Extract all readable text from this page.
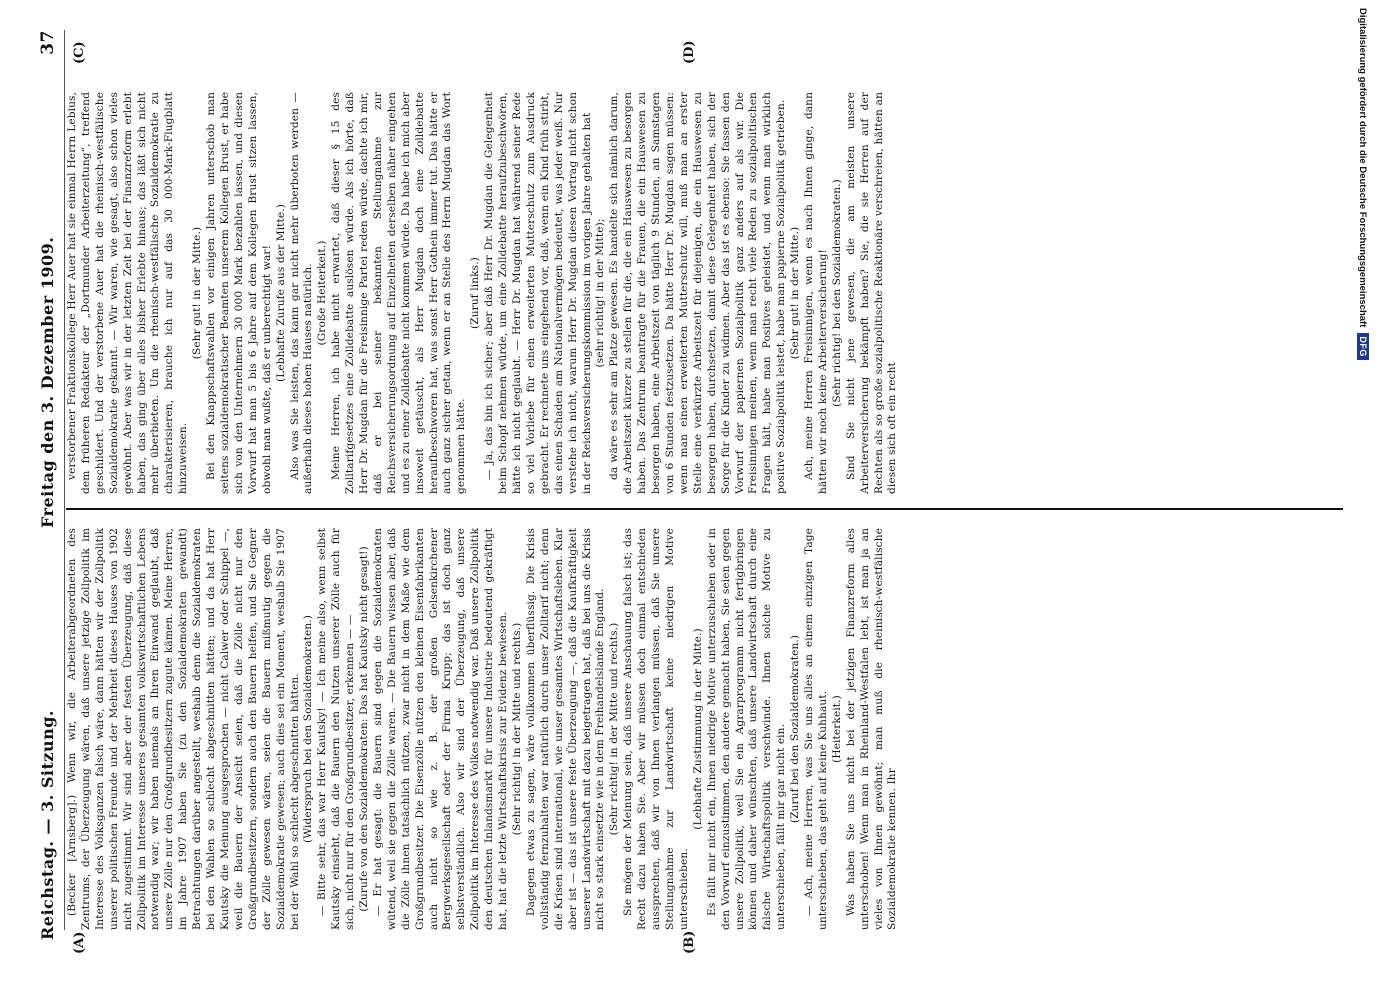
Reichstag. — 3. Sitzung.
Freitag den 3. Dezember 1909.
37
(A)	(B)
(C)	(D)

(Becker [Arnsberg].) Wenn wir, die Arbeiterabgeordneten des Zentrums, der Überzeugung wären, daß unsere jetzige Zollpolitik im Interesse des Volksganzen falsch wäre, dann hätten wir der Zollpolitik unserer politischen Freunde und der Mehrheit dieses Hauses von 1902 nicht zugestimmt. Wir sind aber der festen Überzeugung, daß diese Zollpolitik im Interesse unseres gesamten volkswirtschaftlichen Lebens notwendig war; wir haben niemals an Ihren Einwand geglaubt, daß unsere Zölle nur den Großgrundbesitzern zugute kämen. Meine Herren, im Jahre 1907 haben Sie (zu den Sozialdemokraten gewandt) Betrachtungen darüber angestellt, weshalb denn die Sozialdemokraten bei den Wahlen so schlecht abgeschnitten hätten; und da hat Herr Kautsky die Meinung ausgesprochen — nicht Calwer oder Schippel —, weil die Bauern der Ansicht seien, daß die Zölle nicht nur den Großgrundbesitzern, sondern auch den Bauern helfen, und Sie Gegner der Zölle gewesen wären, seien die Bauern mißmutig gegen die Sozialdemokratie gewesen; auch dies sei ein Moment, weshalb Sie 1907 bei der Wahl so schlecht abgeschnitten hätten. (Widerspruch bei den Sozialdemokraten.) — Bitte sehr, das war Herr Kautsky! — Ich meine also, wenn selbst Kautsky einsieht, daß die Bauern den Nutzen unserer Zölle auch für sich, nicht nur für den Großgrundbesitzer, erkennen — — (Zurufe von den Sozialdemokraten: Das hat Kautsky nicht gesagt!) — Er hat gesagt: die Bauern sind gegen die Sozialdemokraten wütend, weil sie gegen die Zölle waren. — Die Bauern wissen aber, daß die Zölle ihnen tatsächlich nützen, zwar nicht in dem Maße wie dem Großgrundbesitzer. Die Eisenzölle nützen den kleinen Eisenfabrikanten auch nicht so wie z. B. der großen Gelsenkirchener Bergwerksgesellschaft oder der Firma Krupp; das ist doch ganz selbstverständlich. Also wir sind der Überzeugung, daß unsere Zollpolitik im Interesse des Volkes notwendig war. Daß unsere Zollpolitik den deutschen Inlandsmarkt für unsere Industrie bedeutend gekräftigt hat, hat die letzte Wirtschaftskrisis zur Evidenz bewiesen. (Sehr richtig! in der Mitte und rechts.) Dagegen etwas zu sagen, wäre vollkommen überflüssig. Die Krisis vollständig fernzuhalten war natürlich durch unser Zolltarif nicht; denn die Krisen sind international, wie unser gesamtes Wirtschaftsleben. Klar aber ist — das ist unsere feste Überzeugung —, daß die Kaufkräftigkeit unserer Landwirtschaft mit dazu beigetragen hat, daß bei uns die Krisis nicht so stark einsetzte wie in dem Freihandelslande England. (Sehr richtig! in der Mitte und rechts.) Sie mögen der Meinung sein, daß unsere Anschauung falsch ist; das Recht dazu haben Sie. Aber wir müssen doch einmal entschieden aussprechen, daß wir von Ihnen verlangen müssen, daß Sie unsere Stellungnahme zur Landwirtschaft keine niedrigen Motive unterschieben.

(Lebhafte Zustimmung in der Mitte.) Es fällt mir nicht ein, Ihnen niedrige Motive unterzuschieben oder in den Vorwurf einzustimmen, den andere gemacht haben, Sie seien gegen unsere Zollpolitik, weil Sie ein Agrarprogramm nicht fertigbringen können und daher wünschten, daß unsere Landwirtschaft durch eine falsche Wirtschaftspolitik verschwinde. Ihnen solche Motive zu unterschieben, fällt mir gar nicht ein. (Zuruf bei den Sozialdemokraten.) — Ach, meine Herren, was Sie uns alles an einem einzigen Tage unterschieben, das geht auf keine Kuhhaut. (Heiterkeit.) Was haben Sie uns nicht bei der jetzigen Finanzreform alles unterschoben! Wenn man in Rheinland-Westfalen lebt, ist man ja an vieles von Ihnen gewöhnt; man muß die rheinisch-westfälische Sozialdemokratie kennen. Ihr

verstorbener Fraktionskollege Herr Auer hat sie einmal Herrn Lebius, dem früheren Redakteur der „Dortmunder Arbeiterzeitung“, treffend geschildert. Und der verstorbene Auer hat die rheinisch-westfälische Sozialdemokratie gekannt. — Wir waren, wie gesagt, also schon vieles gewöhnt. Aber was wir in der letzten Zeit bei der Finanzreform erlebt haben, das ging über alles bisher Erlebte hinaus; das läßt sich nicht mehr überbieten. Um die rheinisch-westfälische Sozialdemokratie zu charakterisieren, brauche ich nur auf das 30 000-Mark-Flugblatt hinzuweisen.

(Sehr gut! in der Mitte.) Bei den Knappschaftswahlen vor einigen Jahren unterschob man seitens sozialdemokratischer Beamten unserem Kollegen Brust, er habe sich von den Unternehmern 30 000 Mark bezahlen lassen, und diesen Vorwurf hat man 5 bis 6 Jahre auf dem Kollegen Brust sitzen lassen, obwohl man wußte, daß er unberechtigt war! (Lebhafte Zurufe aus der Mitte.) Also was Sie leisten, das kann gar nicht mehr überboten werden — außerhalb dieses hohen Hauses natürlich. (Große Heiterkeit.) Meine Herren, ich habe nicht erwartet, daß dieser § 15 des Zolltarifgesetzes eine Zolldebatte auslösen würde. Als ich hörte, daß Herr Dr. Mugdan für die Freisinnige Partei reden würde, dachte ich mir, daß er bei seiner bekannten Stellungnahme zur Reichsversicherungsordnung auf Einzelheiten derselben näher eingehen und es zu einer Zolldebatte nicht kommen würde. Da habe ich mich aber insoweit getäuscht, als Herr Mugdan doch eine Zolldebatte heraufbeschworen hat, was sonst Herr Gothein immer tut. Das hätte er auch ganz sicher getan, wenn er an Stelle des Herrn Mugdan das Wort genommen hätte.

(Zuruf links.) — Ja, das bin ich sicher; aber daß Herr Dr. Mugdan die Gelegenheit beim Schopf nehmen würde, um eine Zolldebatte heraufzubeschwören, hätte ich nicht geglaubt. — Herr Dr. Mugdan hat während seiner Rede so viel Vorliebe für einen erweiterten Mutterschutz zum Ausdruck gebracht. Er rechnete uns eingehend vor, daß, wenn ein Kind früh stirbt, das einen Schaden am Nationalvermögen bedeutet, was jeder weiß. Nur verstehe ich nicht, warum Herr Dr. Mugdan diesen Vortrag nicht schon in der Reichsversicherungskommission im vorigen Jahre gehalten hat (sehr richtig! in der Mitte); da wäre es sehr am Platze gewesen. Es handelte sich nämlich darum, die Arbeitszeit kürzer zu stellen für die, die ein Hauswesen zu besorgen haben. Das Zentrum beantragte für die Frauen, die ein Hauswesen zu besorgen haben, eine Arbeitszeit von täglich 9 Stunden, an Samstagen von 6 Stunden festzusetzen. Da hätte Herr Dr. Mugdan sagen müssen: wenn man einen erweiterten Mutterschutz will, muß man an erster Stelle eine verkürzte Arbeitszeit für diejenigen, die ein Hauswesen zu besorgen haben, durchsetzen, damit diese Gelegenheit haben, sich der Sorge für die Kinder zu widmen. Aber das ist es ebenso: Sie fassen den Vorwurf der papiernen Sozialpolitik ganz anders auf als wir. Die Freisinnigen meinen, wenn man recht viele Reden zu sozialpolitischen Fragen hält, habe man Positives geleistet, und wenn man wirklich positive Sozialpolitik leistet, habe man papierne Sozialpolitik getrieben. (Sehr gut! in der Mitte.) Ach, meine Herren Freisinnigen, wenn es nach Ihnen ginge, dann hätten wir noch keine Arbeiterversicherung! (Sehr richtig! bei den Sozialdemokraten.) Sind Sie nicht jene gewesen, die am meisten unsere Arbeiterversicherung bekämpft haben? Sie, die sie Herren auf der Rechten als so große sozialpolitische Reaktionäre verschreien, hätten an diesen sich oft ein recht

Digitalisierung gefördert durch die Deutsche Forschungsgemeinschaft
DFG
